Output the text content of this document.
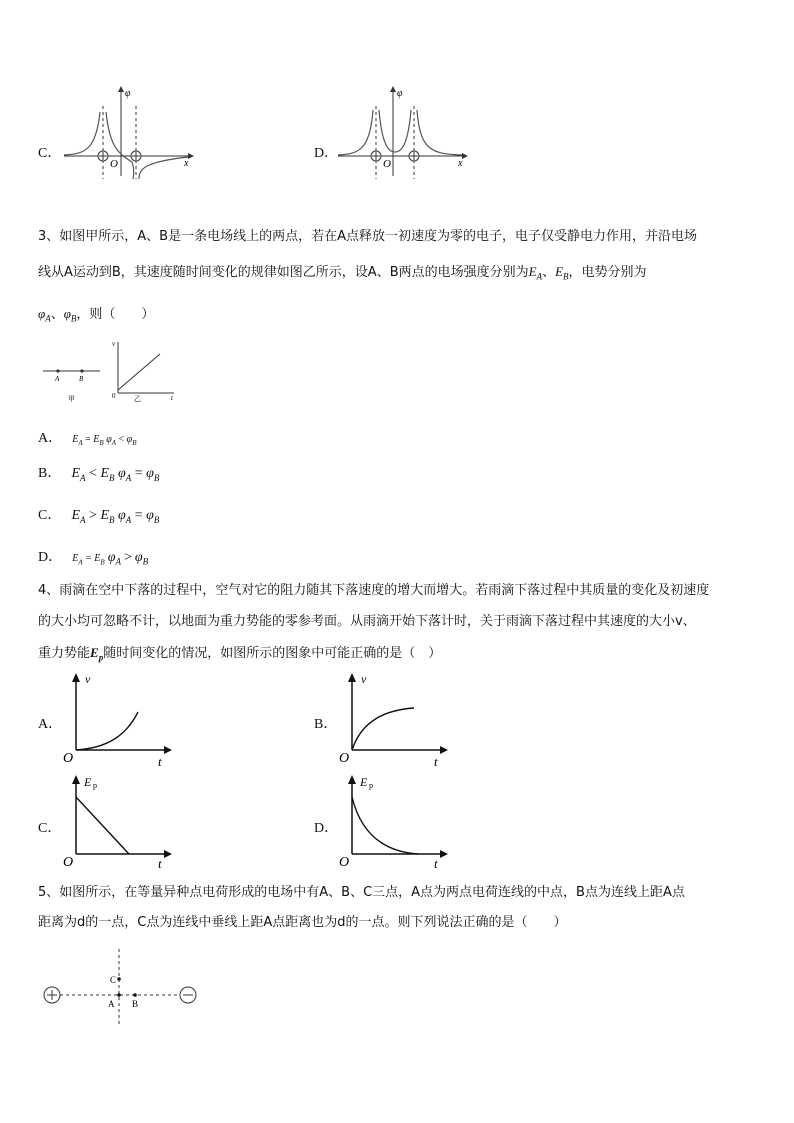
C．
φ
O	x
D．
φ
O	x
3、如图甲所示，A、B是一条电场线上的两点，若在A点释放一初速度为零的电子，电子仅受静电力作用，并沿电场
线从A运动到B，其速度随时间变化的规律如图乙所示，设A、B两点的电场强度分别为$E_A$、$E_B$，电势分别为
$\varphi_A$、$\varphi_B$，则（　　）
A	B
甲
v
0	乙	t
A． $E_A = E_B$ $\varphi_A < \varphi_B$
B． $E_A < E_B$ $\varphi_A = \varphi_B$
C． $E_A > E_B$ $\varphi_A = \varphi_B$
D． $E_A = E_B$ $\varphi_A > \varphi_B$
4、雨滴在空中下落的过程中，空气对它的阻力随其下落速度的增大而增大。若雨滴下落过程中其质量的变化及初速度
的大小均可忽略不计，以地面为重力势能的零参考面。从雨滴开始下落计时，关于雨滴下落过程中其速度的大小v、
重力势能$E_p$随时间变化的情况，如图所示的图象中可能正确的是（　）
A．
v
O	t
B．
v
O	t
C．
E p
O	t
D．
E p
O	t
5、如图所示，在等量异种点电荷形成的电场中有A、B、C三点，A点为两点电荷连线的中点，B点为连线上距A点
距离为d的一点，C点为连线中垂线上距A点距离也为d的一点。则下列说法正确的是（　　）
C
A B
